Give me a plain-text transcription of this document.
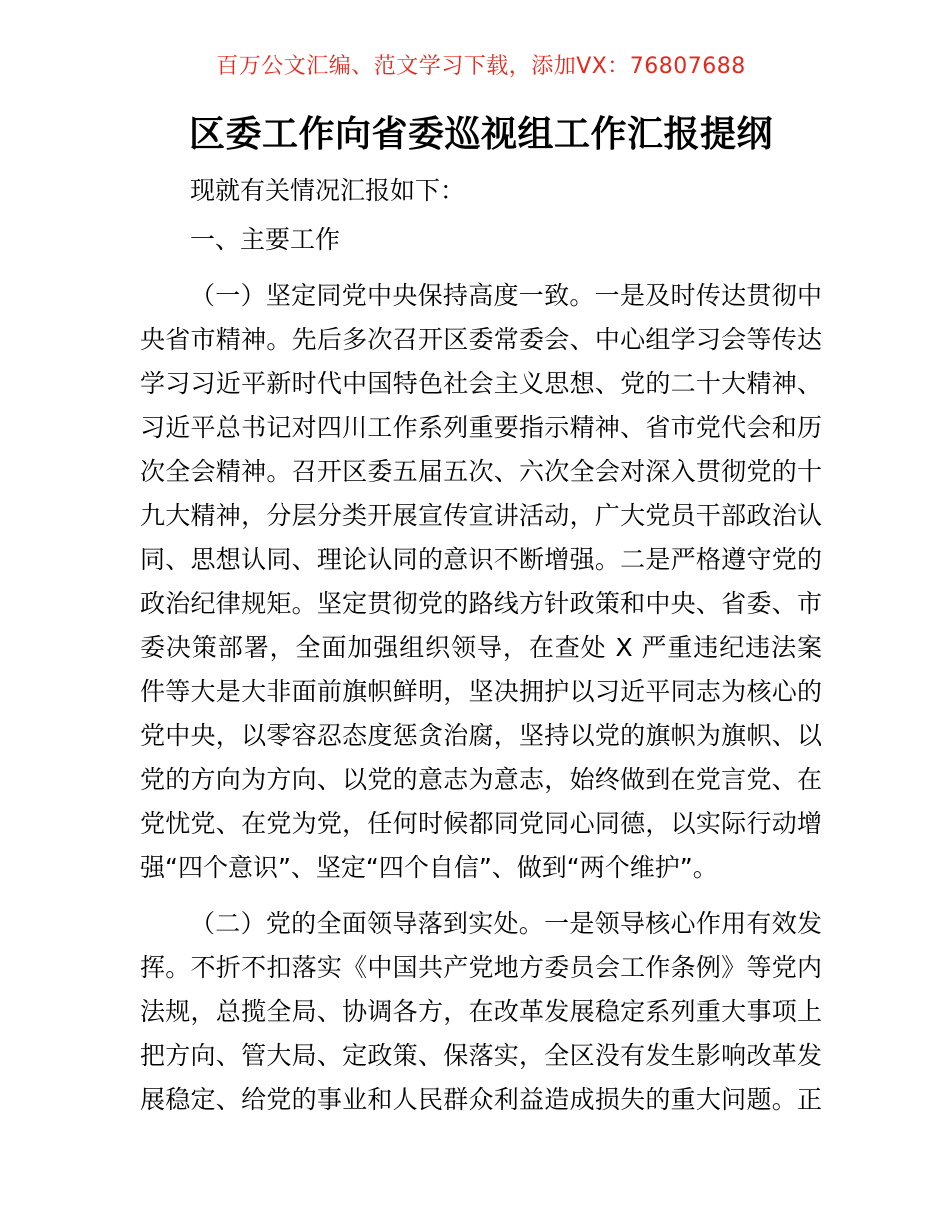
百万公文汇编、范文学习下载，添加VX：76807688
区委工作向省委巡视组工作汇报提纲

现就有关情况汇报如下：

一、主要工作
（一）坚定同党中央保持高度一致。一是及时传达贯彻中
央省市精神。先后多次召开区委常委会、中心组学习会等传达
学习习近平新时代中国特色社会主义思想、党的二十大精神、
习近平总书记对四川工作系列重要指示精神、省市党代会和历
次全会精神。召开区委五届五次、六次全会对深入贯彻党的十
九大精神，分层分类开展宣传宣讲活动，广大党员干部政治认
同、思想认同、理论认同的意识不断增强。二是严格遵守党的
政治纪律规矩。坚定贯彻党的路线方针政策和中央、省委、市
委决策部署，全面加强组织领导，在查处 X 严重违纪违法案
件等大是大非面前旗帜鲜明，坚决拥护以习近平同志为核心的
党中央，以零容忍态度惩贪治腐，坚持以党的旗帜为旗帜、以
党的方向为方向、以党的意志为意志，始终做到在党言党、在
党忧党、在党为党，任何时候都同党同心同德，以实际行动增
强“四个意识”、坚定“四个自信”、做到“两个维护”。
（二）党的全面领导落到实处。一是领导核心作用有效发
挥。不折不扣落实《中国共产党地方委员会工作条例》等党内
法规，总揽全局、协调各方，在改革发展稳定系列重大事项上
把方向、管大局、定政策、保落实，全区没有发生影响改革发
展稳定、给党的事业和人民群众利益造成损失的重大问题。正
